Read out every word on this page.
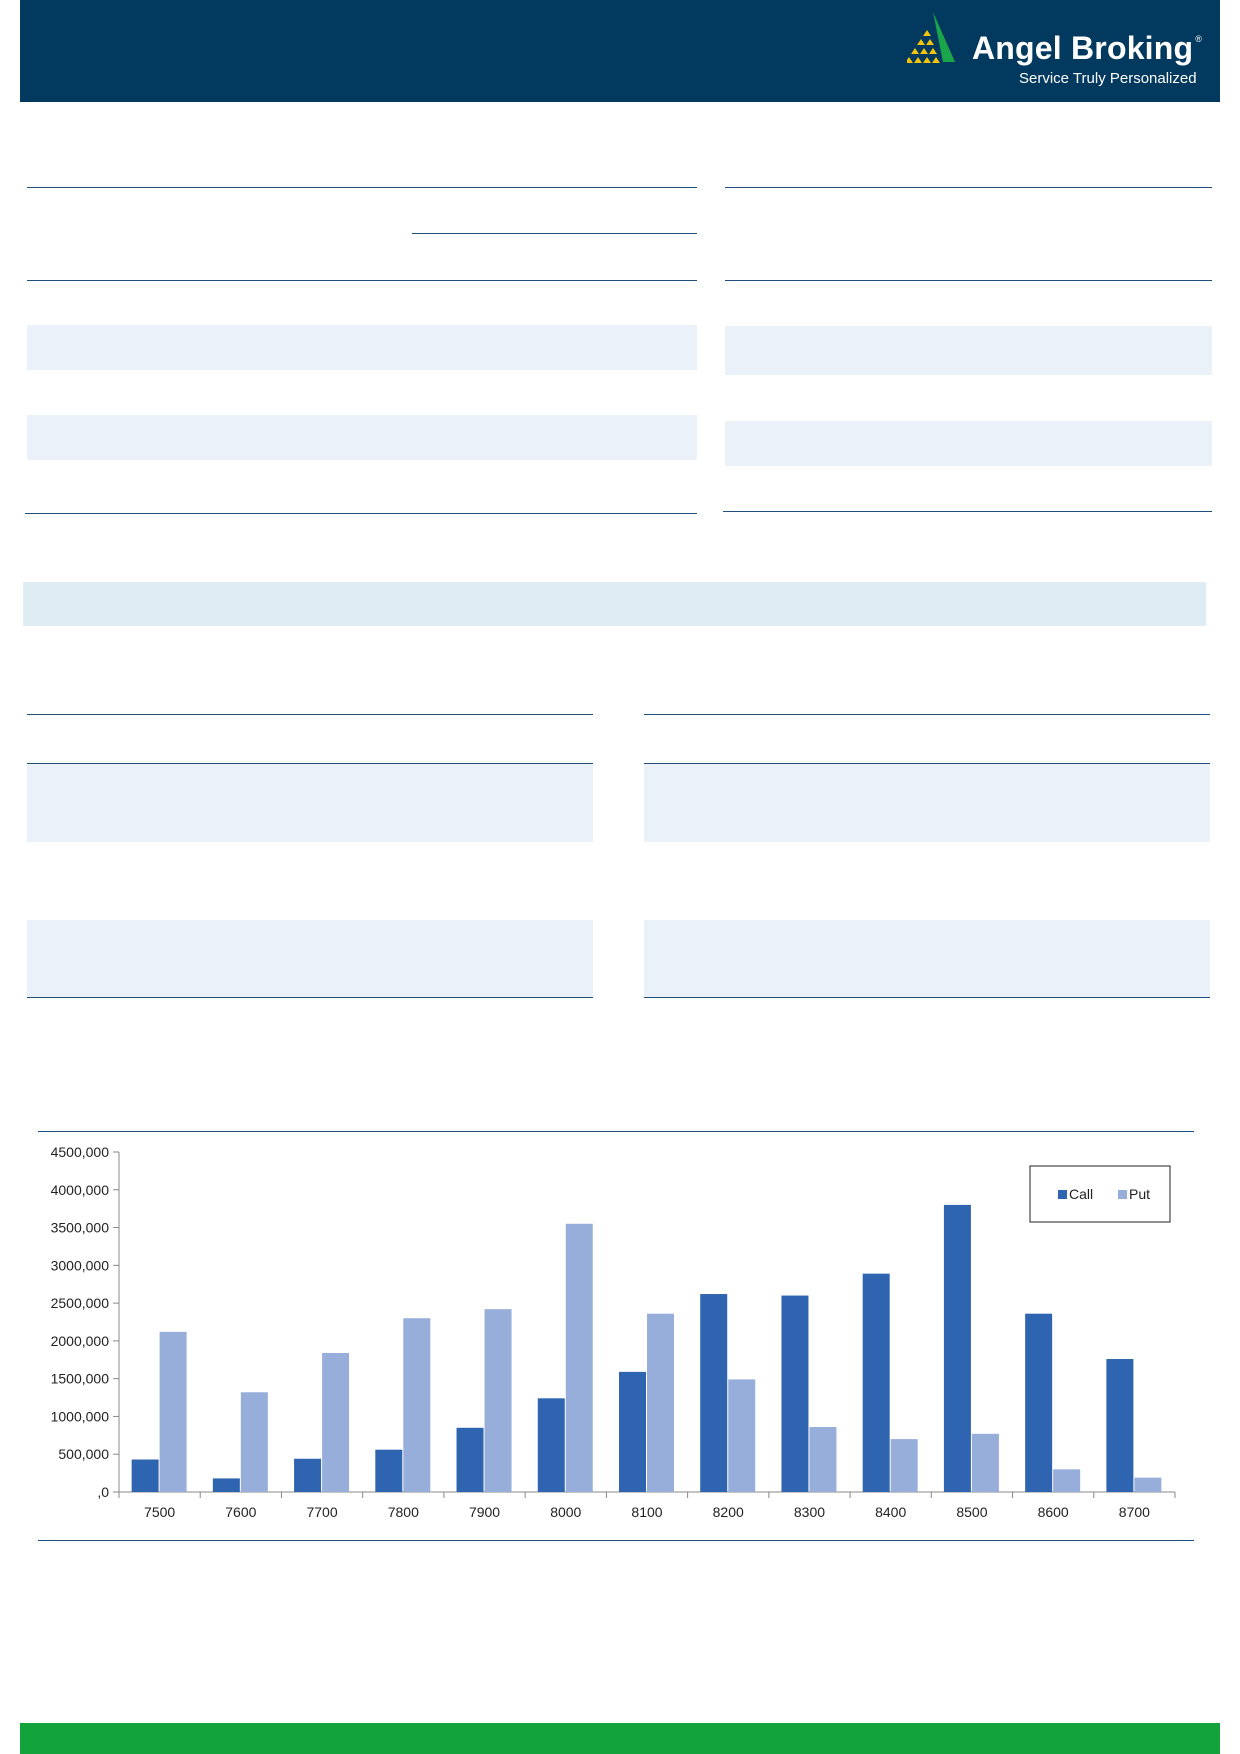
Angel Broking ®
Service Truly Personalized
7500	7600	7700	7800	7900	8000	8100	8200	8300	8400	8500	8600	8700
,0
500,000
1000,000
1500,000
2000,000
2500,000
3000,000
3500,000
4000,000
4500,000
Call	Put
